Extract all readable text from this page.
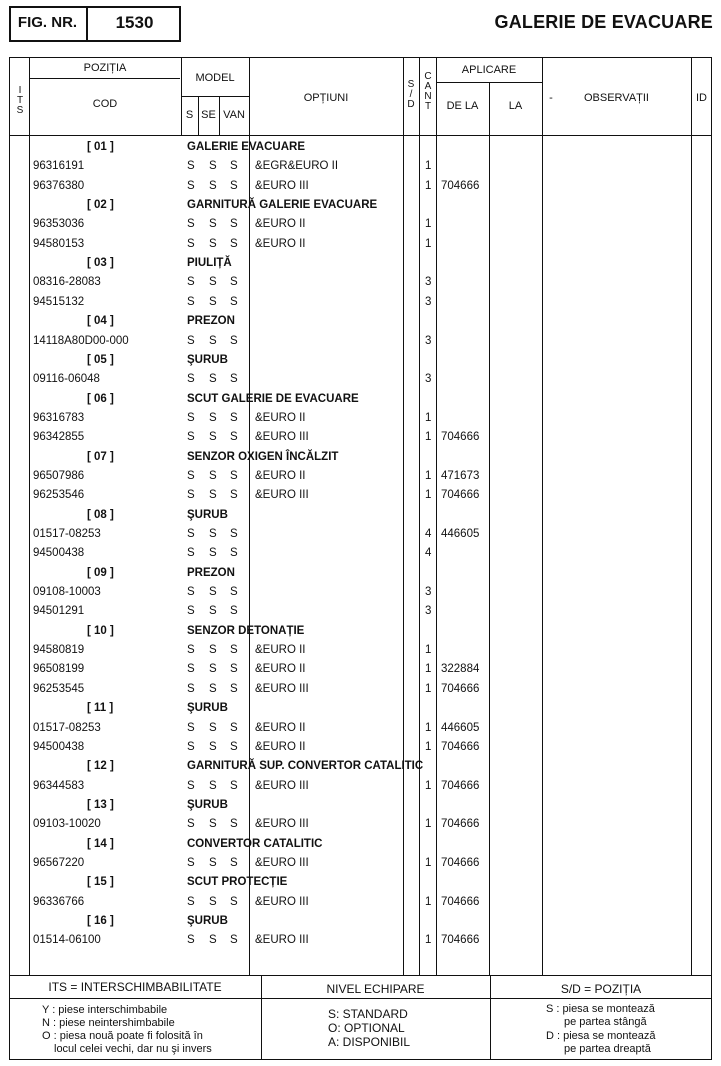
FIG. NR.	1530	GALERIE DE EVACUARE
POZIȚIA
I
T
S
COD
MODEL
S SE VAN
OPȚIUNI
S
/
D
C
A
N
T
APLICARE
DE LA	LA
-	OBSERVAȚII	ID
[ 01 ]	GALERIE EVACUARE
96316191	S S S &EGR&EURO II	1
96376380	S S S &EURO III	1 704666
[ 02 ]	GARNITURĂ GALERIE EVACUARE
96353036	S S S &EURO II	1
94580153	S S S &EURO II	1
[ 03 ]	PIULIȚĂ
08316-28083	S S S	3
94515132	S S S	3
[ 04 ]	PREZON
14118A80D00-000	S S S	3
[ 05 ]	ŞURUB
09116-06048	S S S	3
[ 06 ]	SCUT GALERIE DE EVACUARE
96316783	S S S &EURO II	1
96342855	S S S &EURO III	1 704666
[ 07 ]	SENZOR OXIGEN ÎNCĂLZIT
96507986	S S S &EURO II	1 471673
96253546	S S S &EURO III	1 704666
[ 08 ]	ŞURUB
01517-08253	S S S	4 446605
94500438	S S S	4
[ 09 ]	PREZON
09108-10003	S S S	3
94501291	S S S	3
[ 10 ]	SENZOR DETONAȚIE
94580819	S S S &EURO II	1
96508199	S S S &EURO II	1 322884
96253545	S S S &EURO III	1 704666
[ 11 ]	ŞURUB
01517-08253	S S S &EURO II	1 446605
94500438	S S S &EURO II	1 704666
[ 12 ]	GARNITURĂ SUP. CONVERTOR CATALITIC
96344583	S S S &EURO III	1 704666
[ 13 ]	ŞURUB
09103-10020	S S S &EURO III	1 704666
[ 14 ]	CONVERTOR CATALITIC
96567220	S S S &EURO III	1 704666
[ 15 ]	SCUT PROTECȚIE
96336766	S S S &EURO III	1 704666
[ 16 ]	ŞURUB
01514-06100	S S S &EURO III	1 704666
ITS = INTERSCHIMBABILITATE
Y : piese interschimbabile
N : piese neintershimbabile
O : piesa nouă poate fi folosită în
locul celei vechi, dar nu şi invers
NIVEL ECHIPARE
S: STANDARD
O: OPTIONAL
A: DISPONIBIL
S/D = POZIȚIA
S : piesa se montează
pe partea stângă
D : piesa se montează
pe partea dreaptă
